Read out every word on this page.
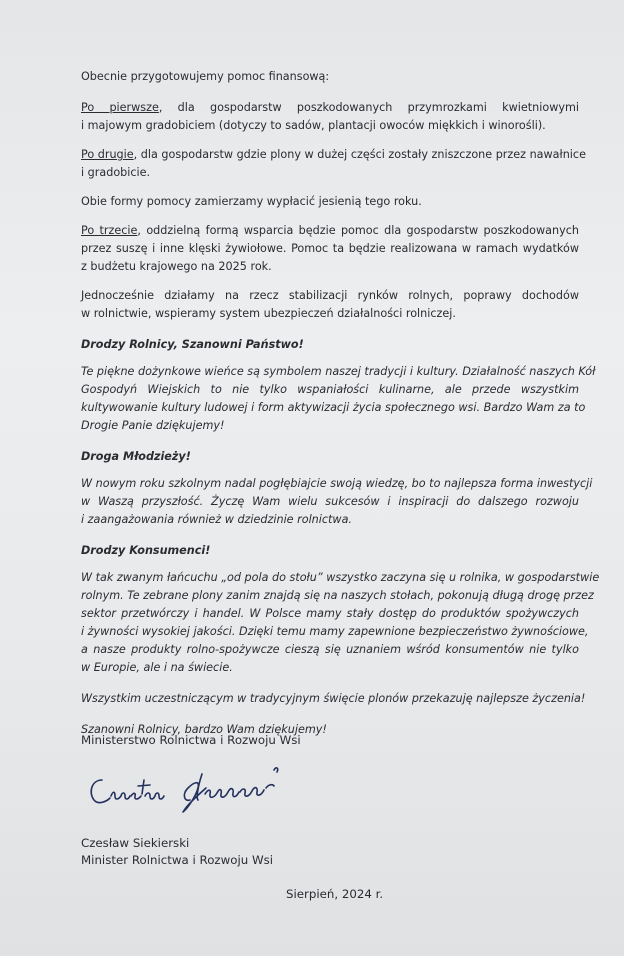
Obecnie przygotowujemy pomoc finansową:
Po pierwsze, dla gospodarstw poszkodowanych przymrozkami kwietniowymi
i majowym gradobiciem (dotyczy to sadów, plantacji owoców miękkich i winorośli).
Po drugie, dla gospodarstw gdzie plony w dużej części zostały zniszczone przez nawałnice
i gradobicie.
Obie formy pomocy zamierzamy wypłacić jesienią tego roku.
Po trzecie, oddzielną formą wsparcia będzie pomoc dla gospodarstw poszkodowanych
przez suszę i inne klęski żywiołowe. Pomoc ta będzie realizowana w ramach wydatków
z budżetu krajowego na 2025 rok.
Jednocześnie działamy na rzecz stabilizacji rynków rolnych, poprawy dochodów
w rolnictwie, wspieramy system ubezpieczeń działalności rolniczej.
Drodzy Rolnicy, Szanowni Państwo!
Te piękne dożynkowe wieńce są symbolem naszej tradycji i kultury. Działalność naszych Kół
Gospodyń Wiejskich to nie tylko wspaniałości kulinarne, ale przede wszystkim
kultywowanie kultury ludowej i form aktywizacji życia społecznego wsi. Bardzo Wam za to
Drogie Panie dziękujemy!
Droga Młodzieży!
W nowym roku szkolnym nadal pogłębiajcie swoją wiedzę, bo to najlepsza forma inwestycji
w Waszą przyszłość. Życzę Wam wielu sukcesów i inspiracji do dalszego rozwoju
i zaangażowania również w dziedzinie rolnictwa.
Drodzy Konsumenci!
W tak zwanym łańcuchu „od pola do stołu” wszystko zaczyna się u rolnika, w gospodarstwie
rolnym. Te zebrane plony zanim znajdą się na naszych stołach, pokonują długą drogę przez
sektor przetwórczy i handel. W Polsce mamy stały dostęp do produktów spożywczych
i żywności wysokiej jakości. Dzięki temu mamy zapewnione bezpieczeństwo żywnościowe,
a nasze produkty rolno-spożywcze cieszą się uznaniem wśród konsumentów nie tylko
w Europie, ale i na świecie.
Wszystkim uczestniczącym w tradycyjnym święcie plonów przekazuję najlepsze życzenia!
Szanowni Rolnicy, bardzo Wam dziękujemy!
Ministerstwo Rolnictwa i Rozwoju Wsi
Czesław Siekierski
Minister Rolnictwa i Rozwoju Wsi
Sierpień, 2024 r.
